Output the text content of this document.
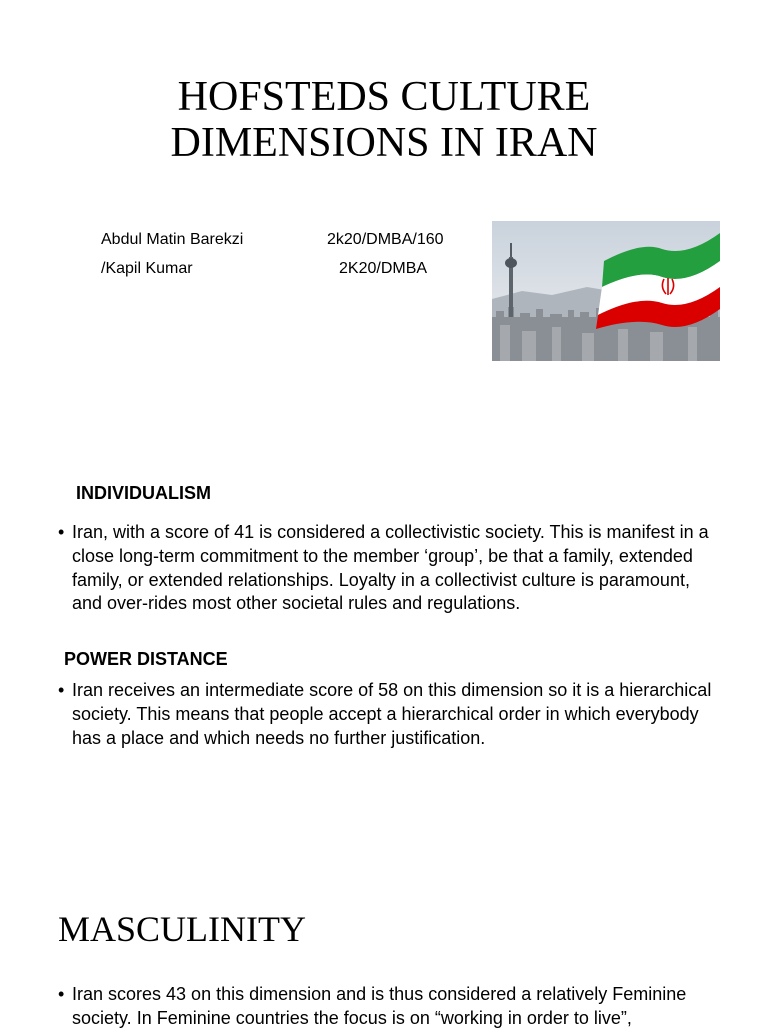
HOFSTEDS CULTURE
DIMENSIONS IN IRAN
Abdul Matin Barekzi	2k20/DMBA/160
/Kapil Kumar	2K20/DMBA
INDIVIDUALISM

• Iran, with a score of 41 is considered a collectivistic society. This is manifest in a close long-term commitment to the member ‘group’, be that a family, extended family, or extended relationships. Loyalty in a collectivist culture is paramount, and over-rides most other societal rules and regulations.

POWER DISTANCE

• Iran receives an intermediate score of 58 on this dimension so it is a hierarchical society. This means that people accept a hierarchical order in which everybody has a place and which needs no further justification.

MASCULINITY

• Iran scores 43 on this dimension and is thus considered a relatively Feminine society. In Feminine countries the focus is on “working in order to live”,
